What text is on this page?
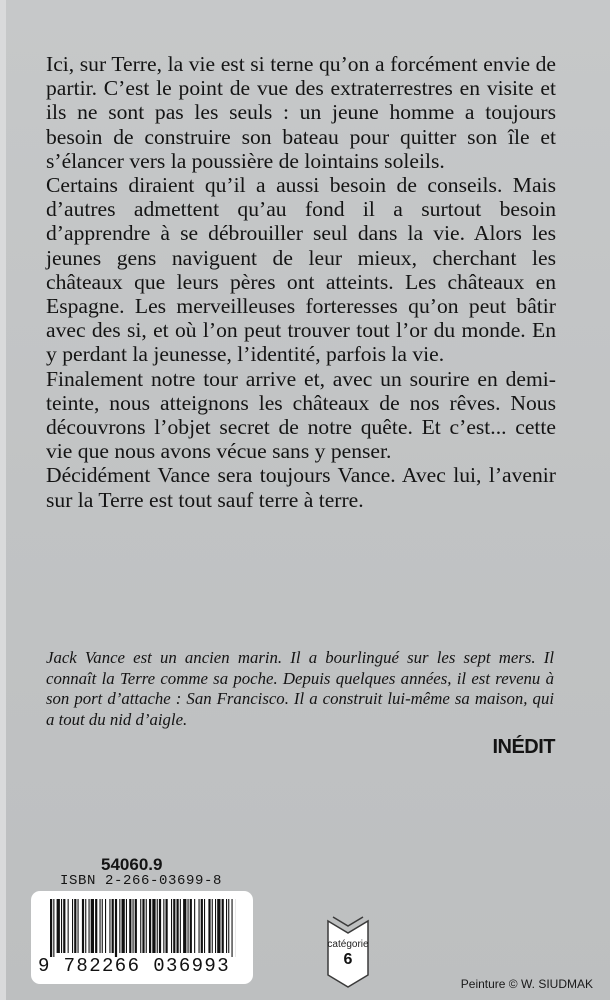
Ici, sur Terre, la vie est si terne qu’on a forcément envie de partir. C’est le point de vue des extraterrestres en visite et ils ne sont pas les seuls : un jeune homme a toujours besoin de construire son bateau pour quitter son île et s’élancer vers la poussière de lointains soleils.

Certains diraient qu’il a aussi besoin de conseils. Mais d’autres admettent qu’au fond il a surtout besoin d’apprendre à se débrouiller seul dans la vie. Alors les jeunes gens naviguent de leur mieux, cherchant les châteaux que leurs pères ont atteints. Les châteaux en Espagne. Les merveilleuses forteresses qu’on peut bâtir avec des si, et où l’on peut trouver tout l’or du monde. En y perdant la jeunesse, l’identité, parfois la vie.

Finalement notre tour arrive et, avec un sourire en demi-teinte, nous atteignons les châteaux de nos rêves. Nous découvrons l’objet secret de notre quête. Et c’est... cette vie que nous avons vécue sans y penser.

Décidément Vance sera toujours Vance. Avec lui, l’avenir sur la Terre est tout sauf terre à terre.

Jack Vance est un ancien marin. Il a bourlingué sur les sept mers. Il connaît la Terre comme sa poche. Depuis quelques années, il est revenu à son port d’attache : San Francisco. Il a construit lui-même sa maison, qui a tout du nid d’aigle.
INÉDIT
54060.9
ISBN 2-266-03699-8
9 782266 036993
catégorie
6
Peinture © W. SIUDMAK
